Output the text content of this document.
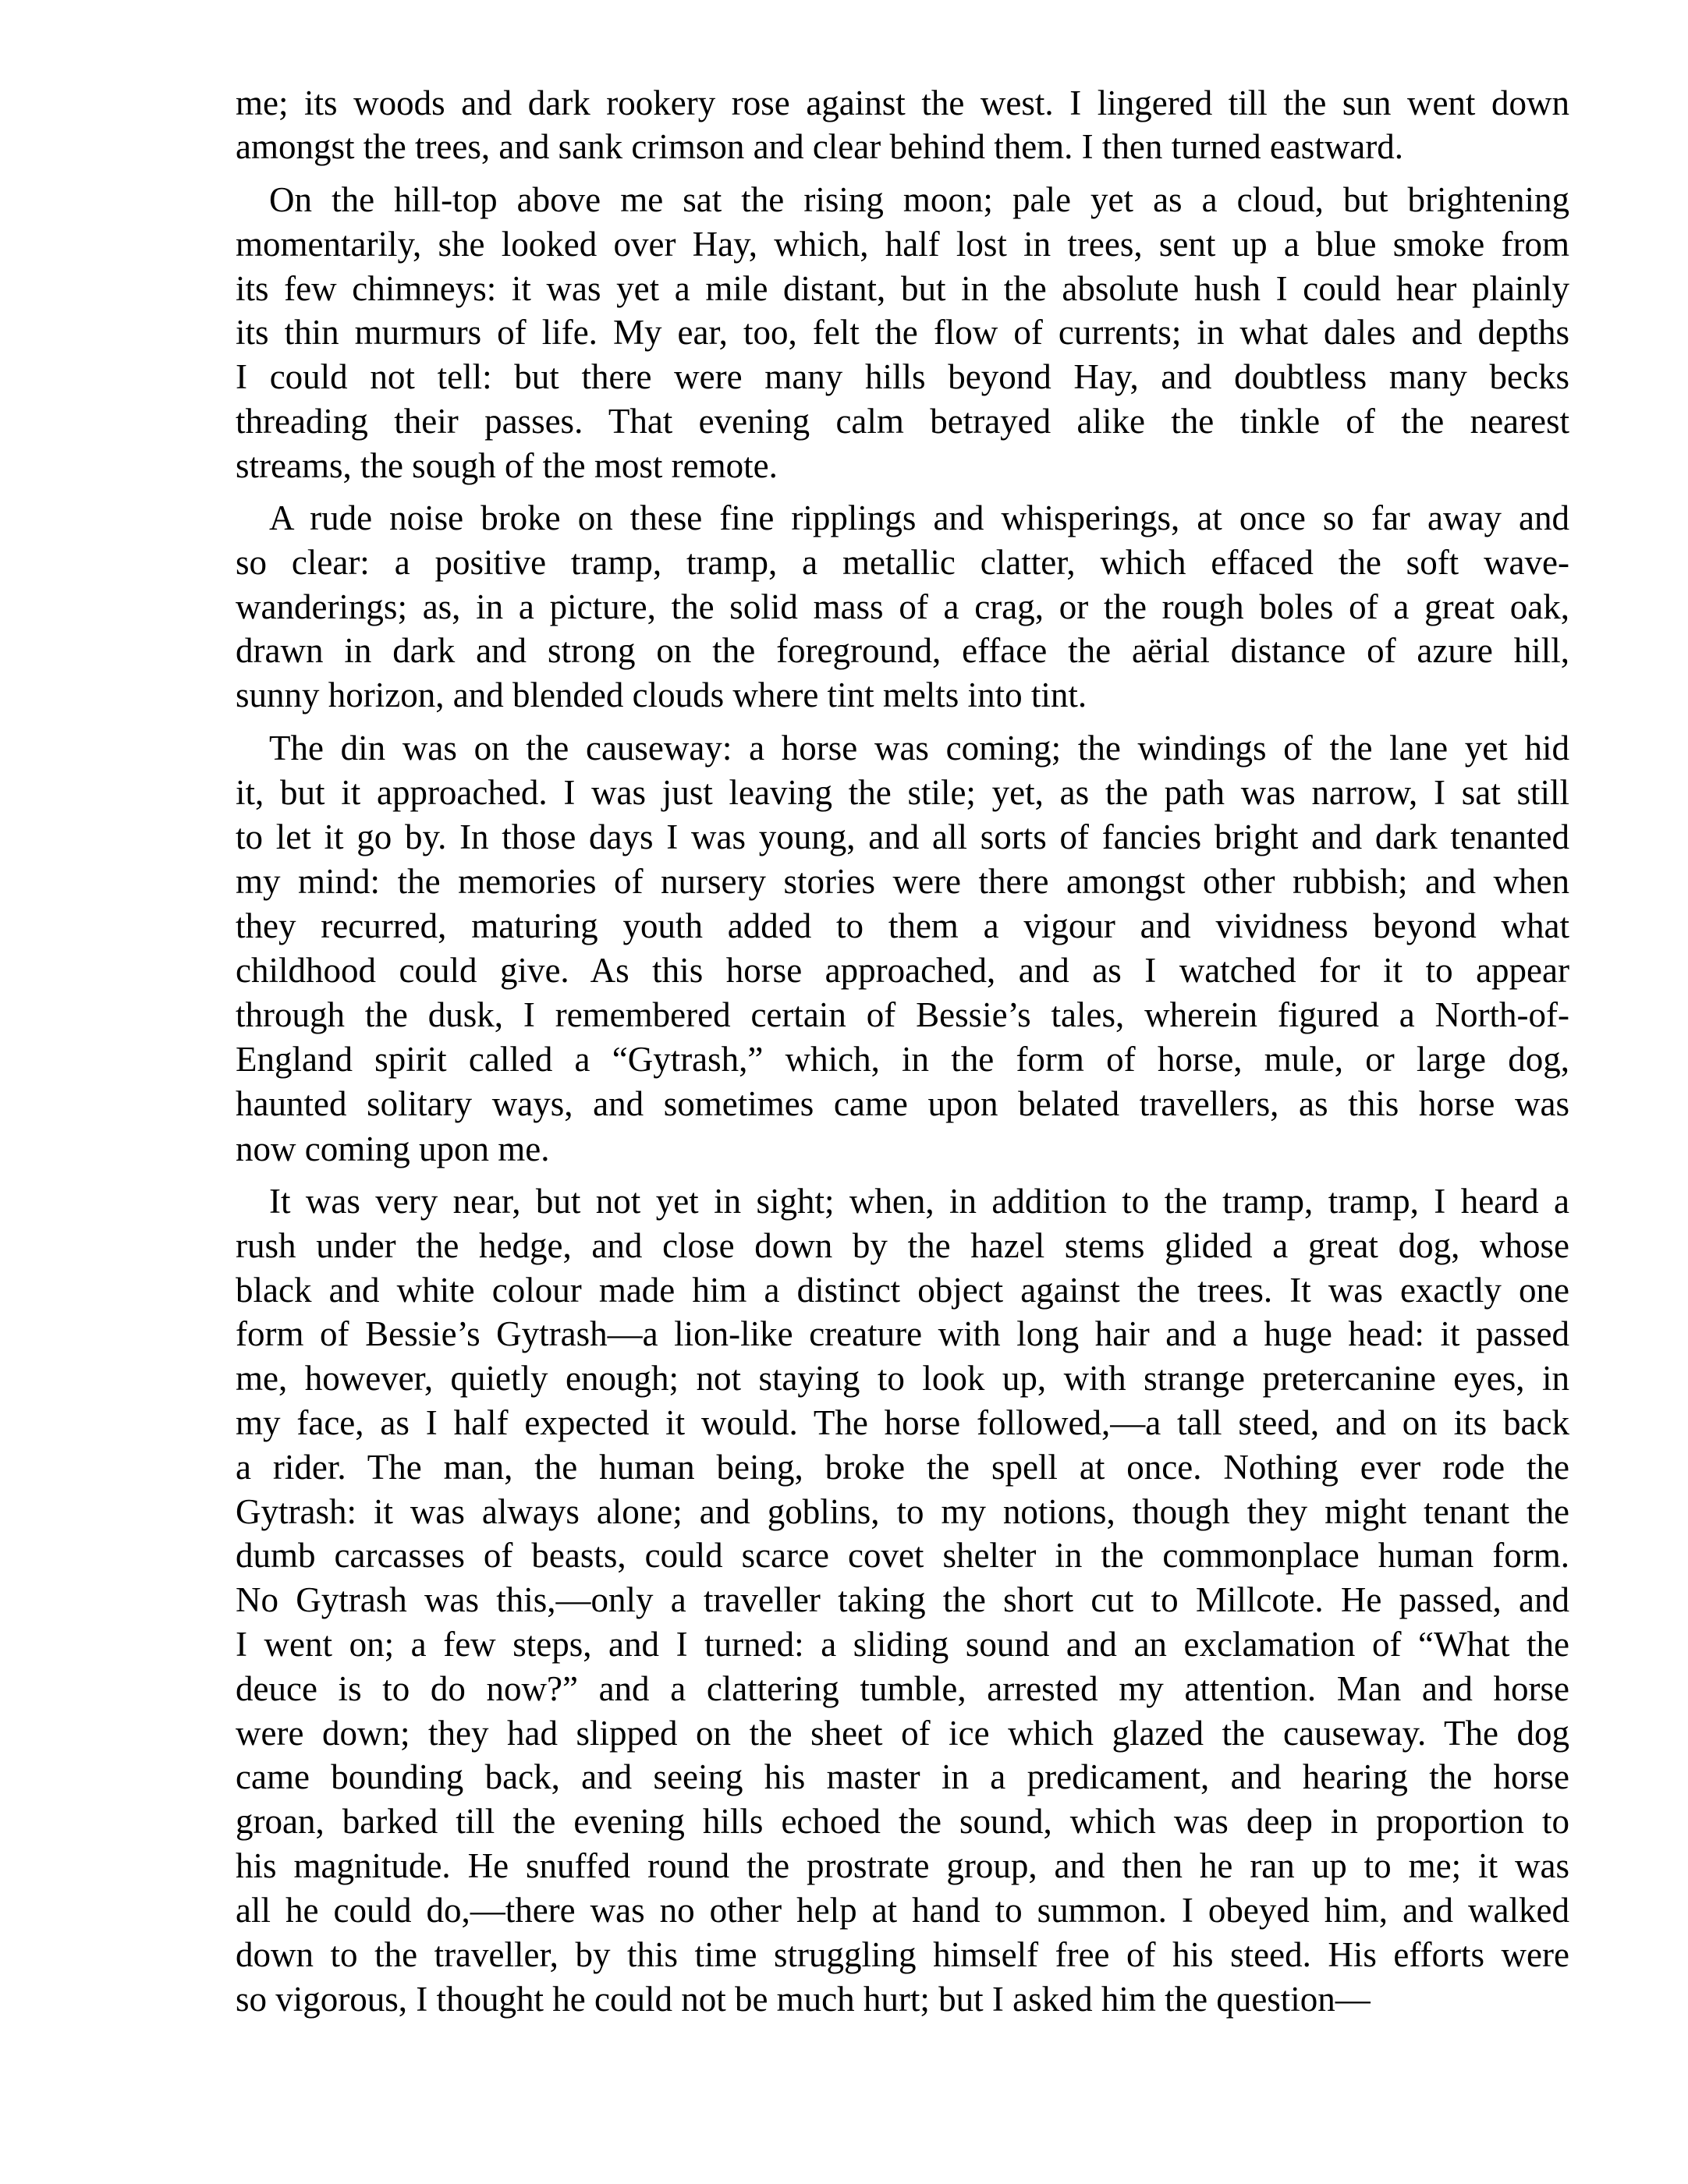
me; its woods and dark rookery rose against the west. I lingered till the sun went down
amongst the trees, and sank crimson and clear behind them. I then turned eastward.
On the hill-top above me sat the rising moon; pale yet as a cloud, but brightening
momentarily, she looked over Hay, which, half lost in trees, sent up a blue smoke from
its few chimneys: it was yet a mile distant, but in the absolute hush I could hear plainly
its thin murmurs of life. My ear, too, felt the flow of currents; in what dales and depths
I could not tell: but there were many hills beyond Hay, and doubtless many becks
threading their passes. That evening calm betrayed alike the tinkle of the nearest
streams, the sough of the most remote.
A rude noise broke on these fine ripplings and whisperings, at once so far away and
so clear: a positive tramp, tramp, a metallic clatter, which effaced the soft wave-
wanderings; as, in a picture, the solid mass of a crag, or the rough boles of a great oak,
drawn in dark and strong on the foreground, efface the aërial distance of azure hill,
sunny horizon, and blended clouds where tint melts into tint.
The din was on the causeway: a horse was coming; the windings of the lane yet hid
it, but it approached. I was just leaving the stile; yet, as the path was narrow, I sat still
to let it go by. In those days I was young, and all sorts of fancies bright and dark tenanted
my mind: the memories of nursery stories were there amongst other rubbish; and when
they recurred, maturing youth added to them a vigour and vividness beyond what
childhood could give. As this horse approached, and as I watched for it to appear
through the dusk, I remembered certain of Bessie’s tales, wherein figured a North-of-
England spirit called a “Gytrash,” which, in the form of horse, mule, or large dog,
haunted solitary ways, and sometimes came upon belated travellers, as this horse was
now coming upon me.
It was very near, but not yet in sight; when, in addition to the tramp, tramp, I heard a
rush under the hedge, and close down by the hazel stems glided a great dog, whose
black and white colour made him a distinct object against the trees. It was exactly one
form of Bessie’s Gytrash—a lion-like creature with long hair and a huge head: it passed
me, however, quietly enough; not staying to look up, with strange pretercanine eyes, in
my face, as I half expected it would. The horse followed,—a tall steed, and on its back
a rider. The man, the human being, broke the spell at once. Nothing ever rode the
Gytrash: it was always alone; and goblins, to my notions, though they might tenant the
dumb carcasses of beasts, could scarce covet shelter in the commonplace human form.
No Gytrash was this,—only a traveller taking the short cut to Millcote. He passed, and
I went on; a few steps, and I turned: a sliding sound and an exclamation of “What the
deuce is to do now?” and a clattering tumble, arrested my attention. Man and horse
were down; they had slipped on the sheet of ice which glazed the causeway. The dog
came bounding back, and seeing his master in a predicament, and hearing the horse
groan, barked till the evening hills echoed the sound, which was deep in proportion to
his magnitude. He snuffed round the prostrate group, and then he ran up to me; it was
all he could do,—there was no other help at hand to summon. I obeyed him, and walked
down to the traveller, by this time struggling himself free of his steed. His efforts were
so vigorous, I thought he could not be much hurt; but I asked him the question—
